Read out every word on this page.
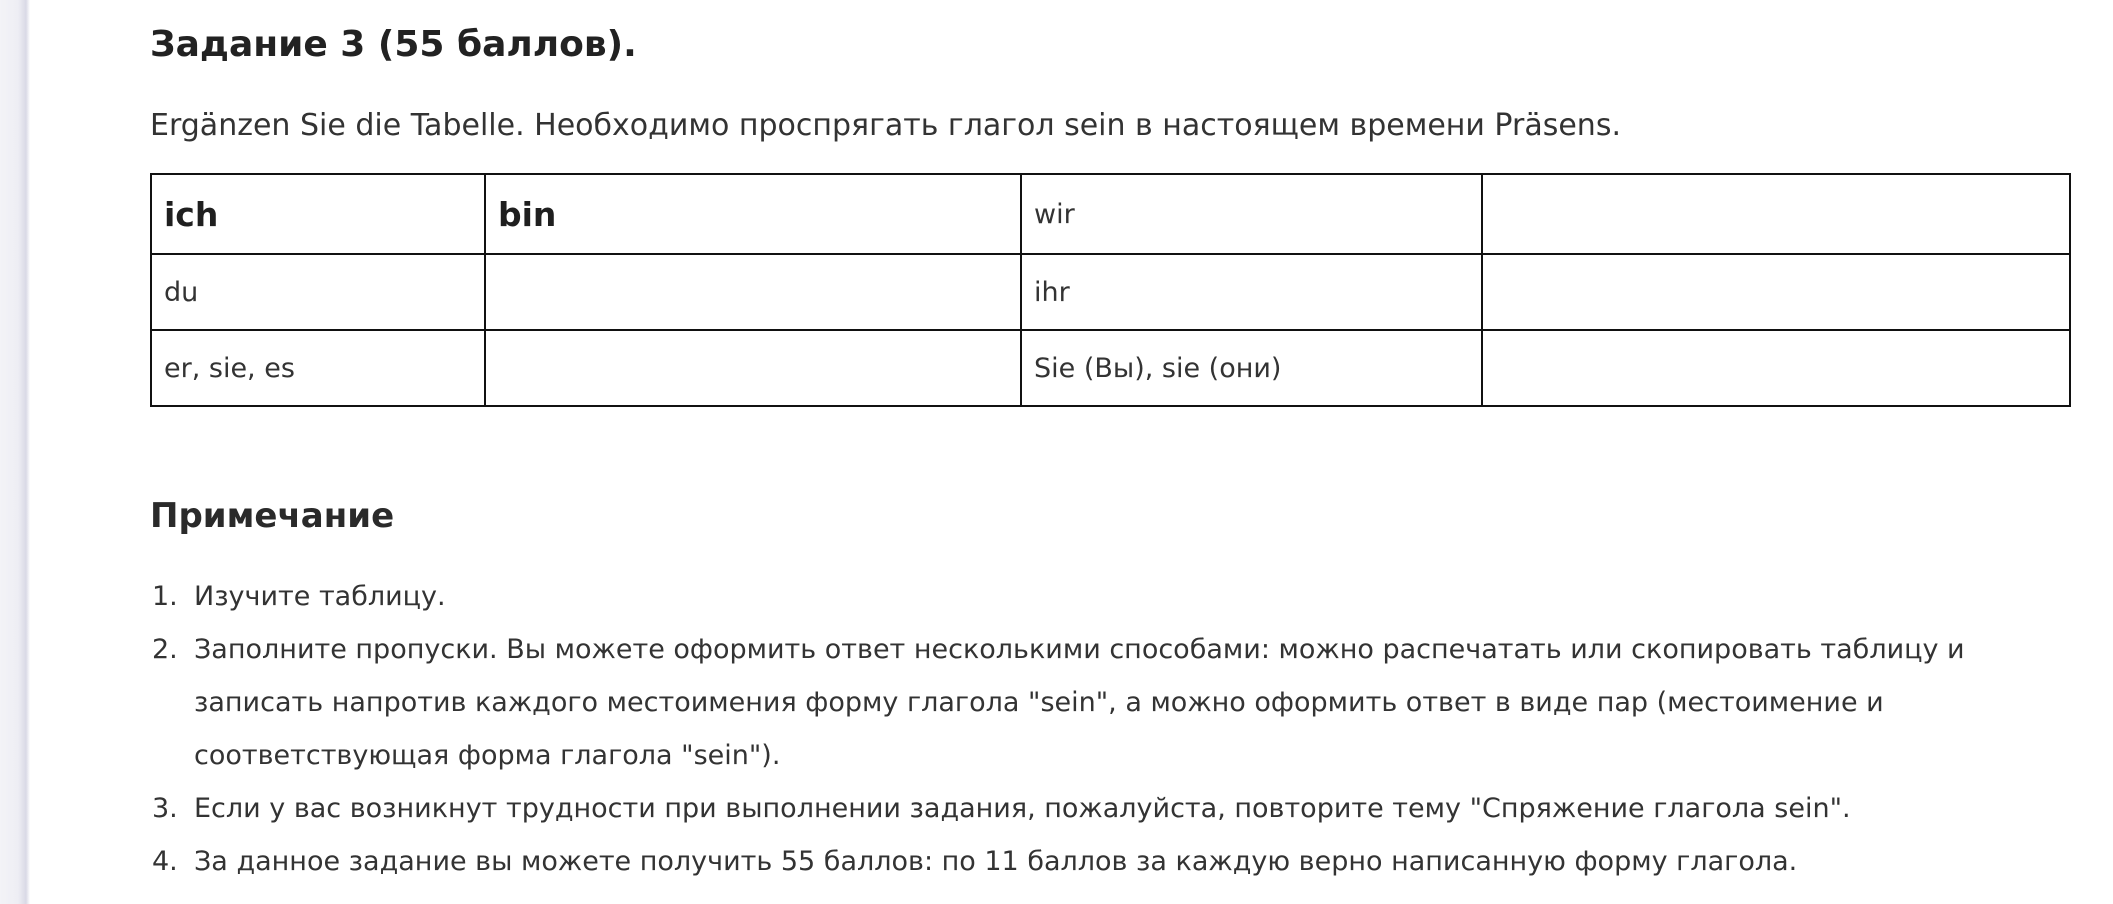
Задание 3 (55 баллов).

Ergänzen Sie die Tabelle. Необходимо проспрягать глагол sein в настоящем времени Präsens.

ich	bin	wir	
du		ihr	
er, sie, es		Sie (Вы), sie (они)	
Примечание
1. Изучите таблицу.
2. Заполните пропуски. Вы можете оформить ответ несколькими способами: можно распечатать или скопировать таблицу и записать напротив каждого местоимения форму глагола "sein", а можно оформить ответ в виде пар (местоимение и соответствующая форма глагола "sein").
3. Если у вас возникнут трудности при выполнении задания, пожалуйста, повторите тему "Спряжение глагола sein".
4. За данное задание вы можете получить 55 баллов: по 11 баллов за каждую верно написанную форму глагола.
